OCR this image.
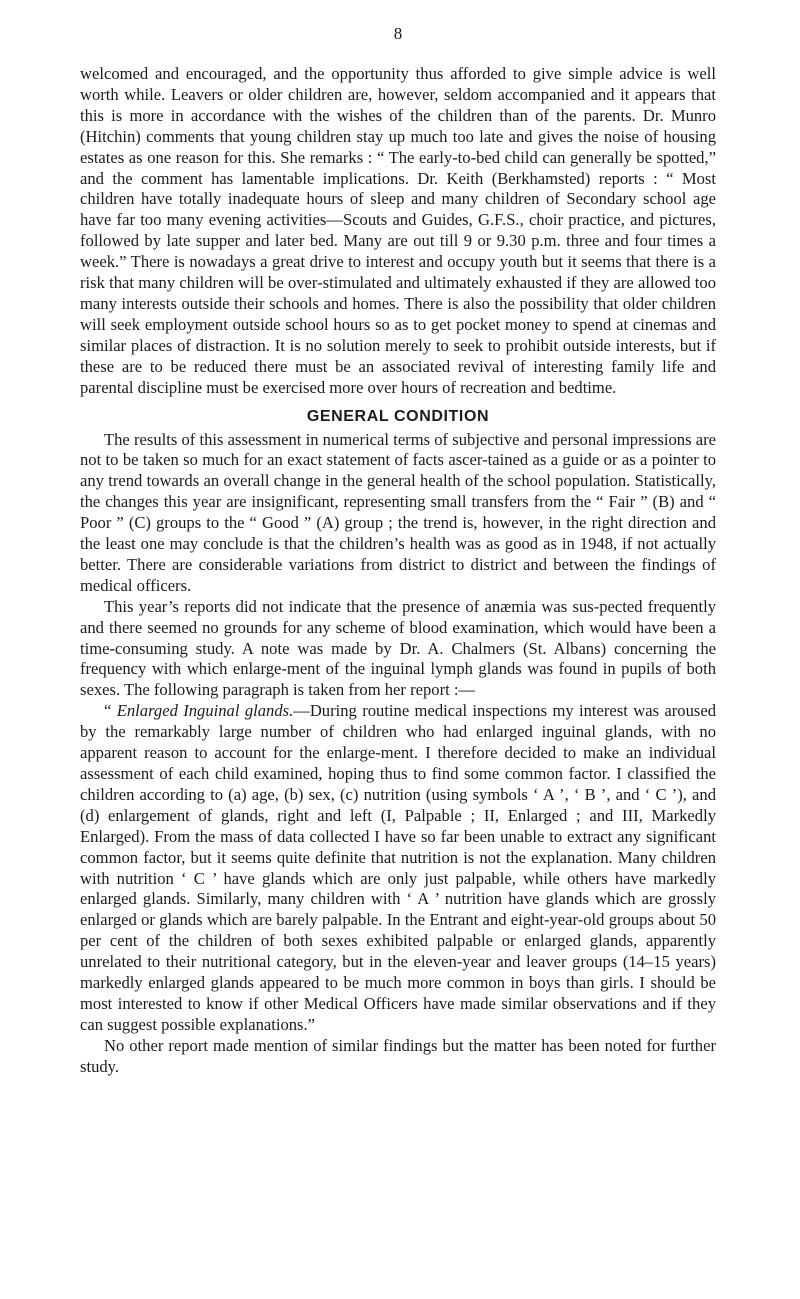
8

welcomed and encouraged, and the opportunity thus afforded to give simple advice is well worth while. Leavers or older children are, however, seldom accompanied and it appears that this is more in accordance with the wishes of the children than of the parents. Dr. Munro (Hitchin) comments that young children stay up much too late and gives the noise of housing estates as one reason for this. She remarks : “ The early-to-bed child can generally be spotted,” and the comment has lamentable implications. Dr. Keith (Berkhamsted) reports : “ Most children have totally inadequate hours of sleep and many children of Secondary school age have far too many evening activities—Scouts and Guides, G.F.S., choir practice, and pictures, followed by late supper and later bed. Many are out till 9 or 9.30 p.m. three and four times a week.” There is nowadays a great drive to interest and occupy youth but it seems that there is a risk that many children will be over-stimulated and ultimately exhausted if they are allowed too many interests outside their schools and homes. There is also the possibility that older children will seek employment outside school hours so as to get pocket money to spend at cinemas and similar places of distraction. It is no solution merely to seek to prohibit outside interests, but if these are to be reduced there must be an associated revival of interesting family life and parental discipline must be exercised more over hours of recreation and bedtime.

GENERAL CONDITION

The results of this assessment in numerical terms of subjective and personal impressions are not to be taken so much for an exact statement of facts ascer-tained as a guide or as a pointer to any trend towards an overall change in the general health of the school population. Statistically, the changes this year are insignificant, representing small transfers from the “ Fair ” (B) and “ Poor ” (C) groups to the “ Good ” (A) group ; the trend is, however, in the right direction and the least one may conclude is that the children’s health was as good as in 1948, if not actually better. There are considerable variations from district to district and between the findings of medical officers.

This year’s reports did not indicate that the presence of anæmia was sus-pected frequently and there seemed no grounds for any scheme of blood examination, which would have been a time-consuming study. A note was made by Dr. A. Chalmers (St. Albans) concerning the frequency with which enlarge-ment of the inguinal lymph glands was found in pupils of both sexes. The following paragraph is taken from her report :—

“ Enlarged Inguinal glands.—During routine medical inspections my interest was aroused by the remarkably large number of children who had enlarged inguinal glands, with no apparent reason to account for the enlarge-ment. I therefore decided to make an individual assessment of each child examined, hoping thus to find some common factor. I classified the children according to (a) age, (b) sex, (c) nutrition (using symbols ‘ A ’, ‘ B ’, and ‘ C ’), and (d) enlargement of glands, right and left (I, Palpable ; II, Enlarged ; and III, Markedly Enlarged). From the mass of data collected I have so far been unable to extract any significant common factor, but it seems quite definite that nutrition is not the explanation. Many children with nutrition ‘ C ’ have glands which are only just palpable, while others have markedly enlarged glands. Similarly, many children with ‘ A ’ nutrition have glands which are grossly enlarged or glands which are barely palpable. In the Entrant and eight-year-old groups about 50 per cent of the children of both sexes exhibited palpable or enlarged glands, apparently unrelated to their nutritional category, but in the eleven-year and leaver groups (14–15 years) markedly enlarged glands appeared to be much more common in boys than girls. I should be most interested to know if other Medical Officers have made similar observations and if they can suggest possible explanations.”

No other report made mention of similar findings but the matter has been noted for further study.
